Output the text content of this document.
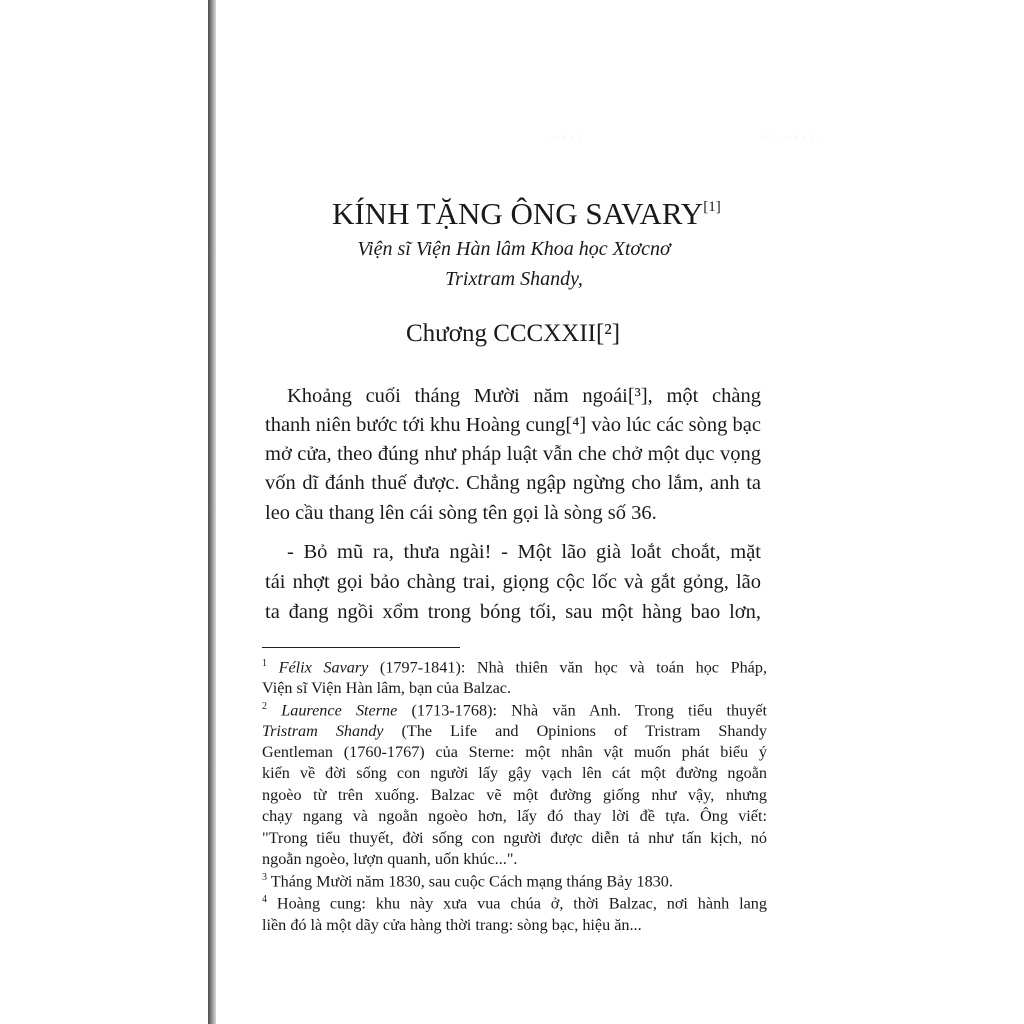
. . . . . . . .
. . . . .
KÍNH TẶNG ÔNG SAVARY[1]
Viện sĩ Viện Hàn lâm Khoa học Xtơcnơ
Trixtram Shandy,
Chương CCCXXII[²]
Khoảng cuối tháng Mười năm ngoái[³], một chàng
thanh niên bước tới khu Hoàng cung[⁴] vào lúc các sòng bạc
mở cửa, theo đúng như pháp luật vẫn che chở một dục vọng
vốn dĩ đánh thuế được. Chẳng ngập ngừng cho lắm, anh ta
leo cầu thang lên cái sòng tên gọi là sòng số 36.
- Bỏ mũ ra, thưa ngài! - Một lão già loắt choắt, mặt
tái nhợt gọi bảo chàng trai, giọng cộc lốc và gắt gỏng, lão
ta đang ngồi xổm trong bóng tối, sau một hàng bao lơn,
$^1$ Félix Savary (1797-1841): Nhà thiên văn học và toán học Pháp,
Viện sĩ Viện Hàn lâm, bạn của Balzac.
$^2$ Laurence Sterne (1713-1768): Nhà văn Anh. Trong tiểu thuyết
Tristram Shandy (The Life and Opinions of Tristram Shandy
Gentleman (1760-1767) của Sterne: một nhân vật muốn phát biểu ý
kiến về đời sống con người lấy gậy vạch lên cát một đường ngoằn
ngoèo từ trên xuống. Balzac vẽ một đường giống như vậy, nhưng
chạy ngang và ngoằn ngoèo hơn, lấy đó thay lời đề tựa. Ông viết:
"Trong tiểu thuyết, đời sống con người được diễn tả như tấn kịch, nó
ngoằn ngoèo, lượn quanh, uốn khúc...".
$^3$ Tháng Mười năm 1830, sau cuộc Cách mạng tháng Bảy 1830.
$^4$ Hoàng cung: khu này xưa vua chúa ở, thời Balzac, nơi hành lang
liền đó là một dãy cửa hàng thời trang: sòng bạc, hiệu ăn...
